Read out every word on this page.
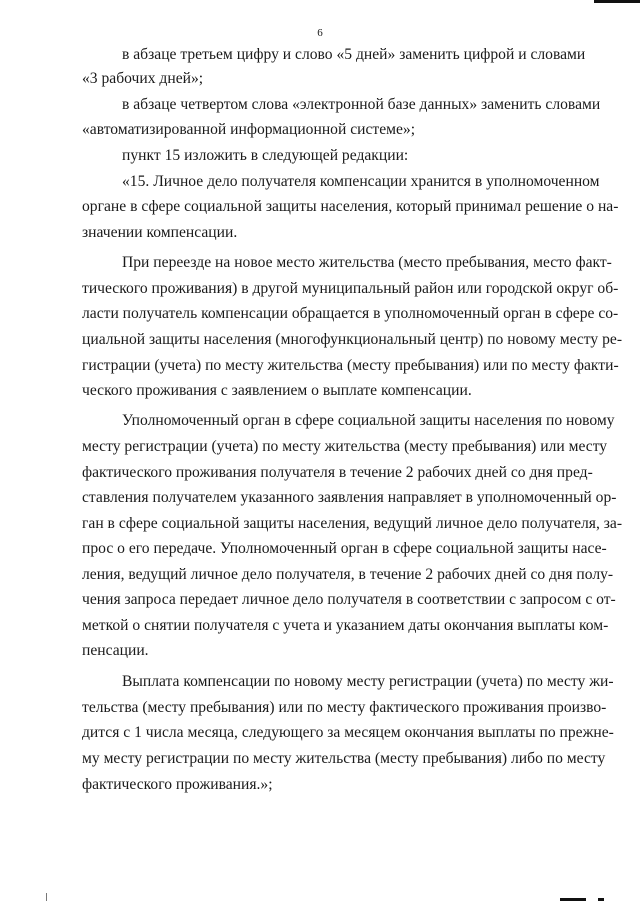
6
в абзаце третьем цифру и слово «5 дней» заменить цифрой и словами
«3 рабочих дней»;
в абзаце четвертом слова «электронной базе данных» заменить словами
«автоматизированной информационной системе»;
пункт 15 изложить в следующей редакции:
«15. Личное дело получателя компенсации хранится в уполномоченном
органе в сфере социальной защиты населения, который принимал решение о на-
значении компенсации.
При переезде на новое место жительства (место пребывания, место факт-
тического проживания) в другой муниципальный район или городской округ об-
ласти получатель компенсации обращается в уполномоченный орган в сфере со-
циальной защиты населения (многофункциональный центр) по новому месту ре-
гистрации (учета) по месту жительства (месту пребывания) или по месту факти-
ческого проживания с заявлением о выплате компенсации.
Уполномоченный орган в сфере социальной защиты населения по новому
месту регистрации (учета) по месту жительства (месту пребывания) или месту
фактического проживания получателя в течение 2 рабочих дней со дня пред-
ставления получателем указанного заявления направляет в уполномоченный ор-
ган в сфере социальной защиты населения, ведущий личное дело получателя, за-
прос о его передаче. Уполномоченный орган в сфере социальной защиты насе-
ления, ведущий личное дело получателя, в течение 2 рабочих дней со дня полу-
чения запроса передает личное дело получателя в соответствии с запросом с от-
меткой о снятии получателя с учета и указанием даты окончания выплаты ком-
пенсации.
Выплата компенсации по новому месту регистрации (учета) по месту жи-
тельства (месту пребывания) или по месту фактического проживания произво-
дится с 1 числа месяца, следующего за месяцем окончания выплаты по прежне-
му месту регистрации по месту жительства (месту пребывания) либо по месту
фактического проживания.»;
